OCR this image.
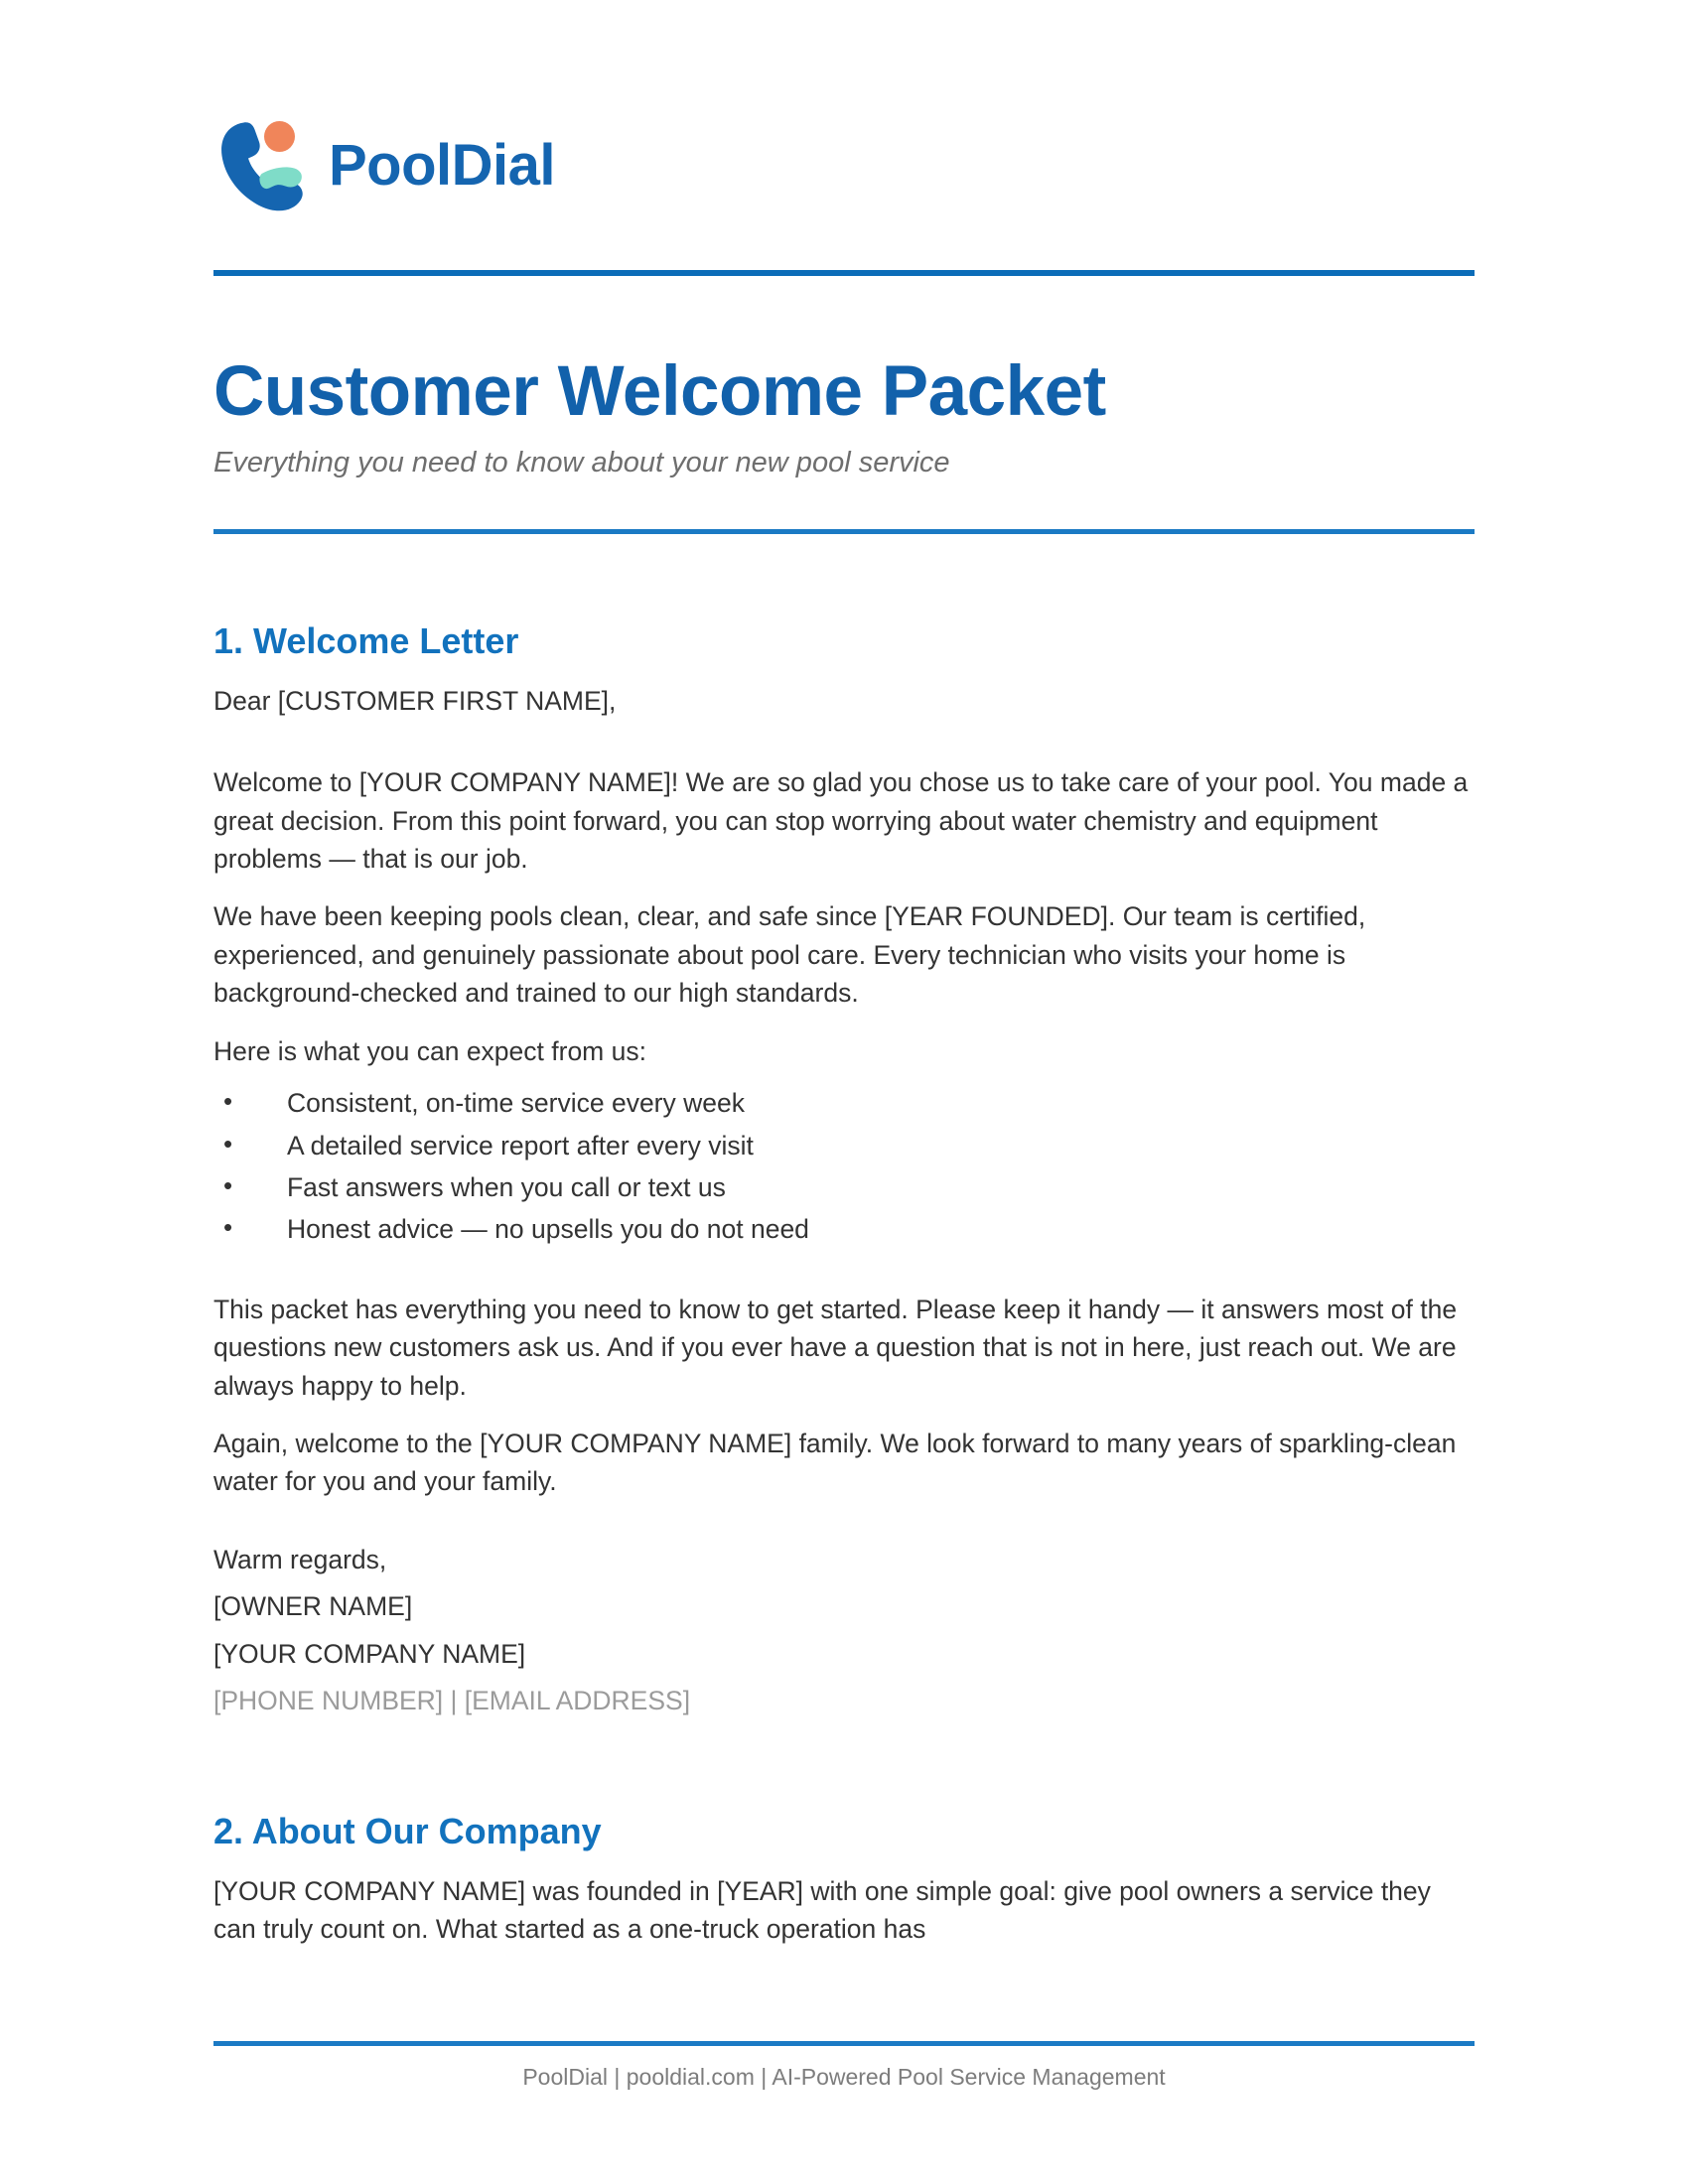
PoolDial
Customer Welcome Packet

Everything you need to know about your new pool service

1. Welcome Letter

Dear [CUSTOMER FIRST NAME],

Welcome to [YOUR COMPANY NAME]! We are so glad you chose us to take care of your pool. You made a great decision. From this point forward, you can stop worrying about water chemistry and equipment problems — that is our job.

We have been keeping pools clean, clear, and safe since [YEAR FOUNDED]. Our team is certified, experienced, and genuinely passionate about pool care. Every technician who visits your home is background-checked and trained to our high standards.

Here is what you can expect from us:

• Consistent, on-time service every week
• A detailed service report after every visit
• Fast answers when you call or text us
• Honest advice — no upsells you do not need

This packet has everything you need to know to get started. Please keep it handy — it answers most of the questions new customers ask us. And if you ever have a question that is not in here, just reach out. We are always happy to help.

Again, welcome to the [YOUR COMPANY NAME] family. We look forward to many years of sparkling-clean water for you and your family.

Warm regards,

[OWNER NAME]

[YOUR COMPANY NAME]

[PHONE NUMBER] | [EMAIL ADDRESS]

2. About Our Company

[YOUR COMPANY NAME] was founded in [YEAR] with one simple goal: give pool owners a service they can truly count on. What started as a one-truck operation has

PoolDial | pooldial.com | AI-Powered Pool Service Management
